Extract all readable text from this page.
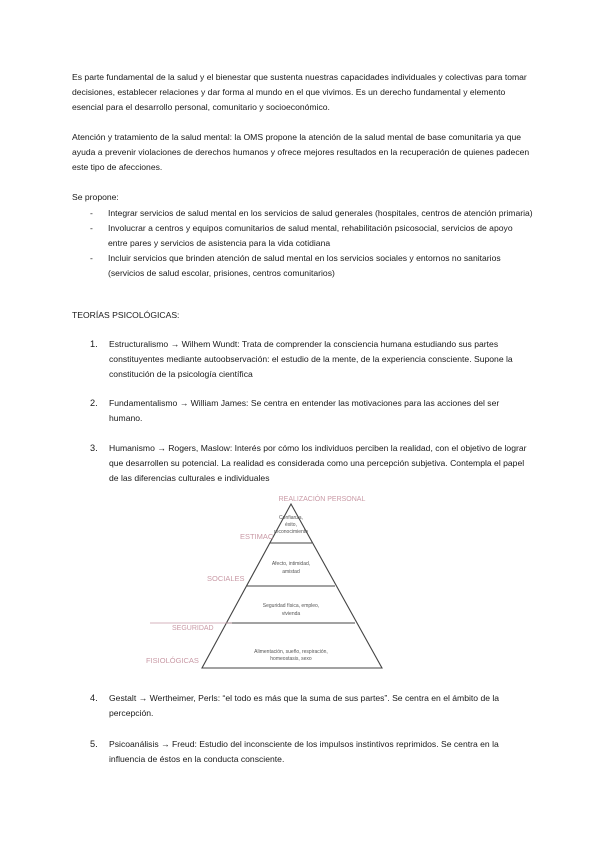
Es parte fundamental de la salud y el bienestar que sustenta nuestras capacidades individuales y colectivas para tomar decisiones, establecer relaciones y dar forma al mundo en el que vivimos. Es un derecho fundamental y elemento esencial para el desarrollo personal, comunitario y socioeconómico.

Atención y tratamiento de la salud mental: la OMS propone la atención de la salud mental de base comunitaria ya que ayuda a prevenir violaciones de derechos humanos y ofrece mejores resultados en la recuperación de quienes padecen este tipo de afecciones.

Se propone:

- Integrar servicios de salud mental en los servicios de salud generales (hospitales, centros de atención primaria)
- Involucrar a centros y equipos comunitarios de salud mental, rehabilitación psicosocial, servicios de apoyo entre pares y servicios de asistencia para la vida cotidiana
- Incluir servicios que brinden atención de salud mental en los servicios sociales y entornos no sanitarios (servicios de salud escolar, prisiones, centros comunitarios)

TEORÍAS PSICOLÓGICAS:

1. Estructuralismo → Wilhem Wundt: Trata de comprender la consciencia humana estudiando sus partes constituyentes mediante autoobservación: el estudio de la mente, de la experiencia consciente. Supone la constitución de la psicología científica
2. Fundamentalismo → William James: Se centra en entender las motivaciones para las acciones del ser humano.
3. Humanismo → Rogers, Maslow: Interés por cómo los individuos perciben la realidad, con el objetivo de lograr que desarrollen su potencial. La realidad es considerada como una percepción subjetiva. Contempla el papel de las diferencias culturales e individuales
REALIZACIÓN PERSONAL
ESTIMAC
SOCIALES
SEGURIDAD
FISIOLÓGICAS
Confianza,
éxito,
reconocimiento
Afecto, intimidad,
amistad
Seguridad física, empleo,
vivienda
Alimentación, sueño, respiración,
homeostasis, sexo
4. Gestalt → Wertheimer, Perls: “el todo es más que la suma de sus partes”. Se centra en el ámbito de la percepción.
5. Psicoanálisis → Freud: Estudio del inconsciente de los impulsos instintivos reprimidos. Se centra en la influencia de éstos en la conducta consciente.
